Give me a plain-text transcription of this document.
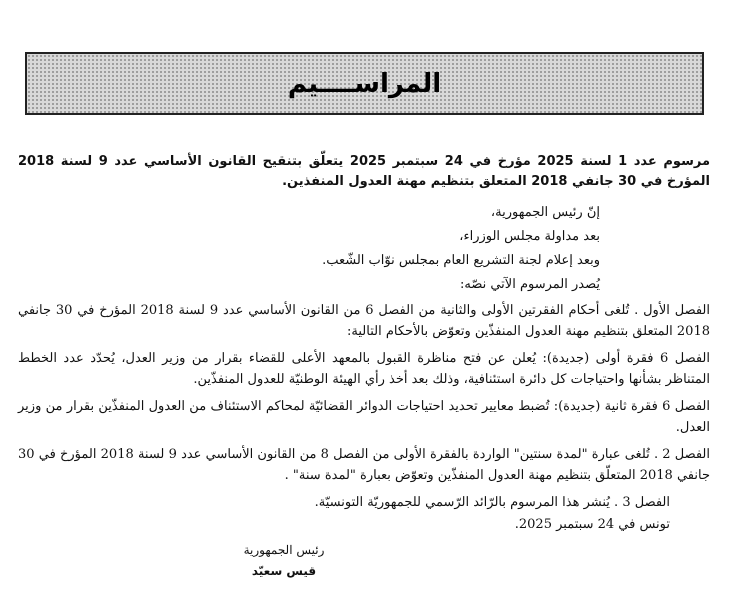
المراســــيم

مرسوم عدد 1 لسنة 2025 مؤرخ في 24 سبتمبر 2025 يتعلّق بتنقيح القانون الأساسي عدد 9 لسنة 2018 المؤرخ في 30 جانفي 2018 المتعلق بتنظيم مهنة العدول المنفذين.

إنّ رئيس الجمهورية،

بعد مداولة مجلس الوزراء،

وبعد إعلام لجنة التشريع العام بمجلس نوّاب الشّعب.

يُصدر المرسوم الآتي نصّه:

الفصل الأول . تُلغى أحكام الفقرتين الأولى والثانية من الفصل 6 من القانون الأساسي عدد 9 لسنة 2018 المؤرخ في 30 جانفي 2018 المتعلق بتنظيم مهنة العدول المنفذّين وتعوّض بالأحكام التالية:

الفصل 6 فقرة أولى (جديدة): يُعلن عن فتح مناظرة القبول بالمعهد الأعلى للقضاء بقرار من وزير العدل، يُحدّد عدد الخطط المتناظر بشأنها واحتياجات كل دائرة استئنافية، وذلك بعد أخذ رأي الهيئة الوطنيّة للعدول المنفذّين.

الفصل 6 فقرة ثانية (جديدة): تُضبط معايير تحديد احتياجات الدوائر القضائيّة لمحاكم الاستئناف من العدول المنفذّين بقرار من وزير العدل.

الفصل 2 . تُلغى عبارة "لمدة سنتين" الواردة بالفقرة الأولى من الفصل 8 من القانون الأساسي عدد 9 لسنة 2018 المؤرخ في 30 جانفي 2018 المتعلّق بتنظيم مهنة العدول المنفذّين وتعوّض بعبارة "لمدة سنة" .

الفصل 3 . يُنشر هذا المرسوم بالرّائد الرّسمي للجمهوريّة التونسيّة.

تونس في 24 سبتمبر 2025.

رئيس الجمهورية
قيس سعيّد
